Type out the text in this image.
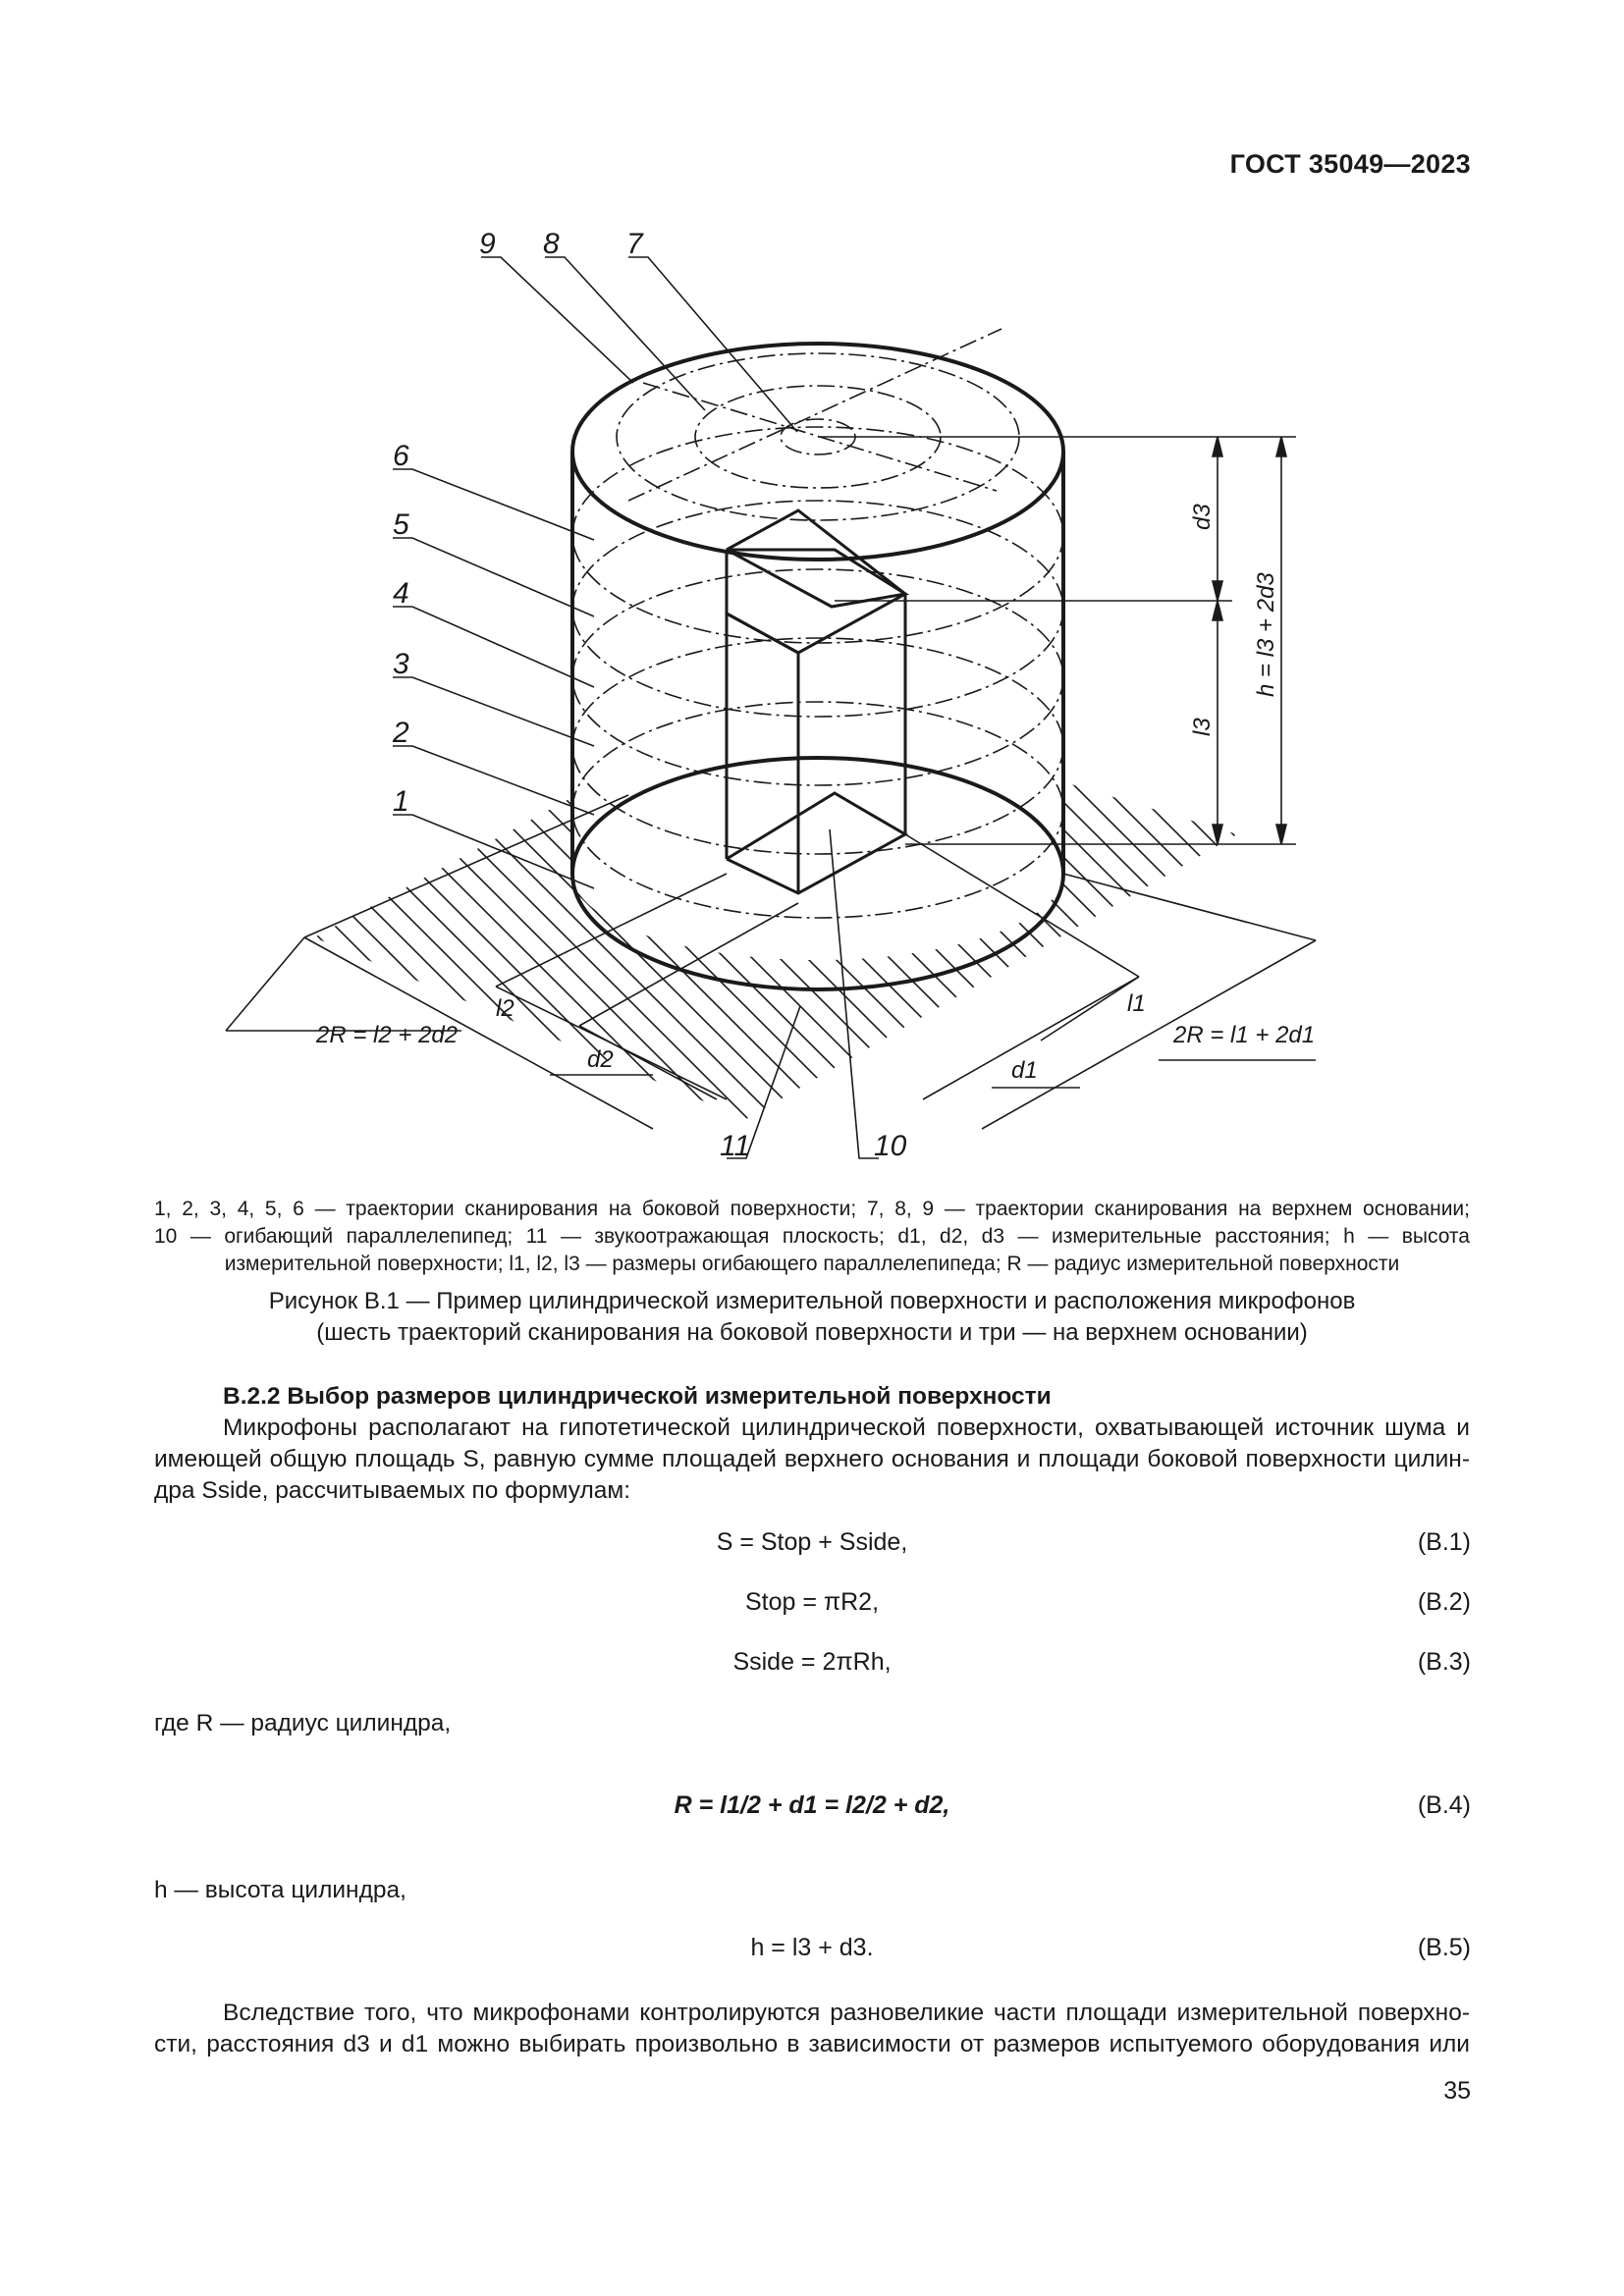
ГОСТ 35049—2023
d3
l3
h = l3 + 2d3
2R = l2 + 2d2
l2
d2
l1
d1
2R = l1 + 2d1
9 8 7
6
5
4
3
2
1
11	10

1, 2, 3, 4, 5, 6 — траектории сканирования на боковой поверхности; 7, 8, 9 — траектории сканирования на верхнем основании;

10 — огибающий параллелепипед; 11 — звукоотражающая плоскость; d1, d2, d3 — измерительные расстояния; h — высота

измерительной поверхности; l1, l2, l3 — размеры огибающего параллелепипеда; R — радиус измерительной поверхности

Рисунок В.1 — Пример цилиндрической измерительной поверхности и расположения микрофонов

(шесть траекторий сканирования на боковой поверхности и три — на верхнем основании)

В.2.2 Выбор размеров цилиндрической измерительной поверхности

Микрофоны располагают на гипотетической цилиндрической поверхности, охватывающей источник шума и

имеющей общую площадь S, равную сумме площадей верхнего основания и площади боковой поверхности цилин-

дра Sside, рассчитываемых по формулам:

S = Stop + Sside,	(В.1)
Stop = πR2,	(В.2)
Sside = 2πRh,	(В.3)
где R — радиус цилиндра,
R = l1/2 + d1 = l2/2 + d2,	(В.4)
h — высота цилиндра,
h = l3 + d3.	(В.5)

Вследствие того, что микрофонами контролируются разновеликие части площади измерительной поверхно-

сти, расстояния d3 и d1 можно выбирать произвольно в зависимости от размеров испытуемого оборудования или

35
